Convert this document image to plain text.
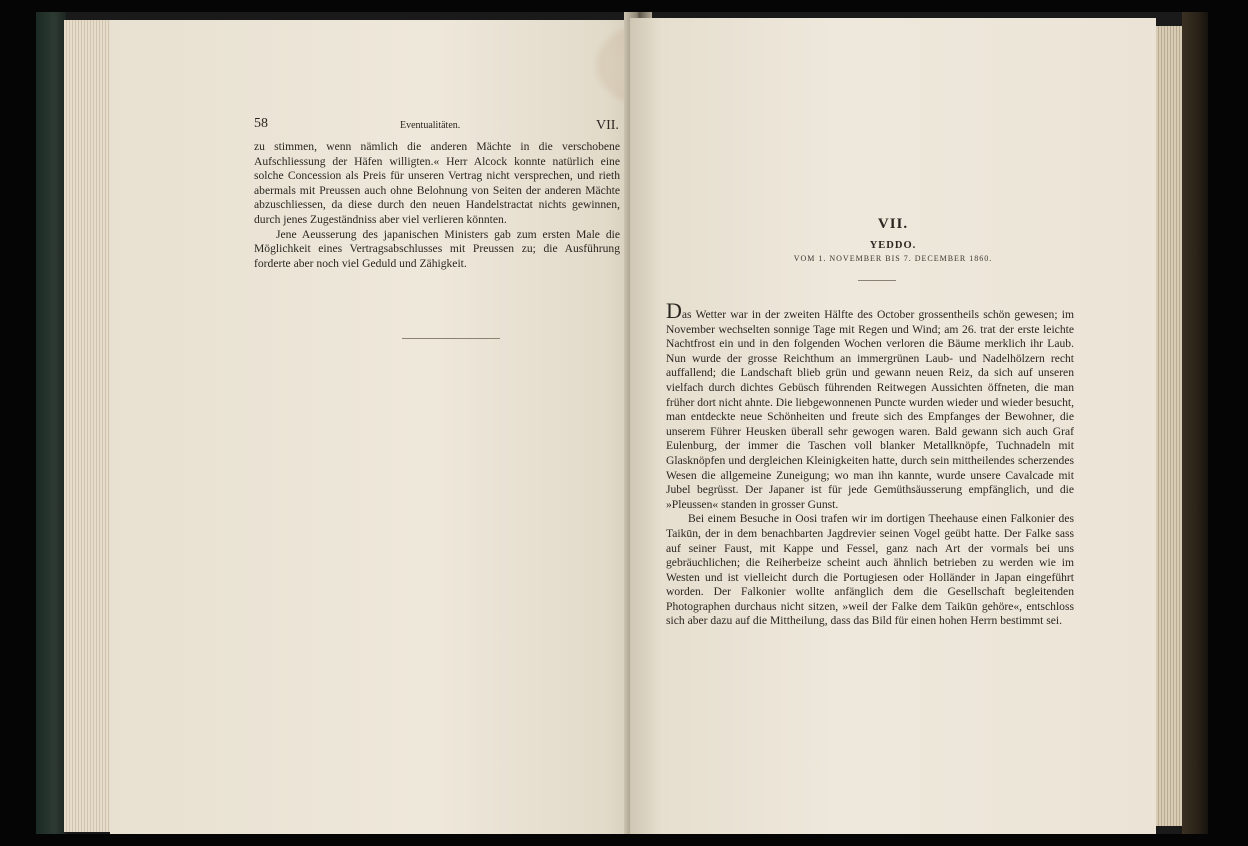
58	Eventualitäten.	VII.

zu stimmen, wenn nämlich die anderen Mächte in die verschobene Aufschliessung der Häfen willigten.« Herr Alcock konnte natürlich eine solche Concession als Preis für unseren Vertrag nicht versprechen, und rieth abermals mit Preussen auch ohne Belohnung von Seiten der anderen Mächte abzuschliessen, da diese durch den neuen Handelstractat nichts gewinnen, durch jenes Zugeständniss aber viel verlieren könnten.

Jene Aeusserung des japanischen Ministers gab zum ersten Male die Möglichkeit eines Vertragsabschlusses mit Preussen zu; die Ausführung forderte aber noch viel Geduld und Zähigkeit.

VII.
YEDDO.
VOM 1. NOVEMBER BIS 7. DECEMBER 1860.

Das Wetter war in der zweiten Hälfte des October grossentheils schön gewesen; im November wechselten sonnige Tage mit Regen und Wind; am 26. trat der erste leichte Nachtfrost ein und in den folgenden Wochen verloren die Bäume merklich ihr Laub. Nun wurde der grosse Reichthum an immergrünen Laub- und Nadelhölzern recht auffallend; die Landschaft blieb grün und gewann neuen Reiz, da sich auf unseren vielfach durch dichtes Gebüsch führenden Reitwegen Aussichten öffneten, die man früher dort nicht ahnte. Die liebgewonnenen Puncte wurden wieder und wieder besucht, man entdeckte neue Schönheiten und freute sich des Empfanges der Bewohner, die unserem Führer Heusken überall sehr gewogen waren. Bald gewann sich auch Graf Eulenburg, der immer die Taschen voll blanker Metallknöpfe, Tuchnadeln mit Glasknöpfen und dergleichen Kleinigkeiten hatte, durch sein mittheilendes scherzendes Wesen die allgemeine Zuneigung; wo man ihn kannte, wurde unsere Cavalcade mit Jubel begrüsst. Der Japaner ist für jede Gemüthsäusserung empfänglich, und die »Pleussen« standen in grosser Gunst.

Bei einem Besuche in Oosi trafen wir im dortigen Theehause einen Falkonier des Taikūn, der in dem benachbarten Jagdrevier seinen Vogel geübt hatte. Der Falke sass auf seiner Faust, mit Kappe und Fessel, ganz nach Art der vormals bei uns gebräuchlichen; die Reiherbeize scheint auch ähnlich betrieben zu werden wie im Westen und ist vielleicht durch die Portugiesen oder Holländer in Japan eingeführt worden. Der Falkonier wollte anfänglich dem die Gesellschaft begleitenden Photographen durchaus nicht sitzen, »weil der Falke dem Taikūn gehöre«, entschloss sich aber dazu auf die Mittheilung, dass das Bild für einen hohen Herrn bestimmt sei.
